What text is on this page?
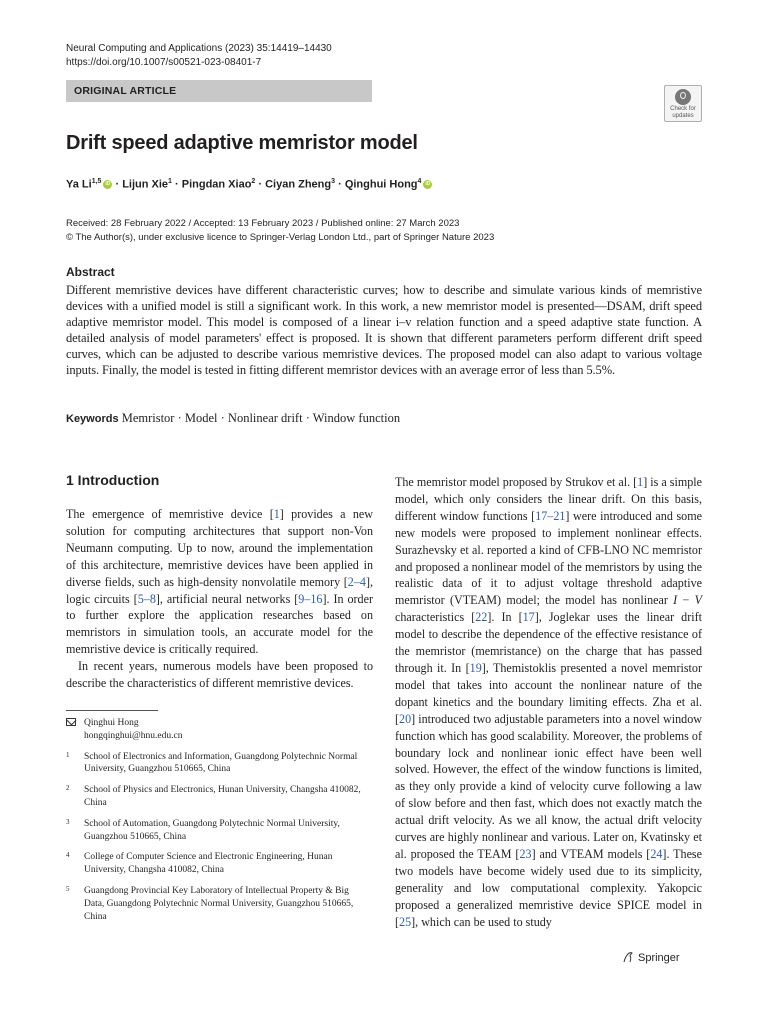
Neural Computing and Applications (2023) 35:14419–14430
https://doi.org/10.1007/s00521-023-08401-7
ORIGINAL ARTICLE
Check for updates
Drift speed adaptive memristor model
Ya Li$^{1,5}$ iD · Lijun Xie$^1$ · Pingdan Xiao$^2$ · Ciyan Zheng$^3$ · Qinghui Hong$^4$ iD
Received: 28 February 2022 / Accepted: 13 February 2023 / Published online: 27 March 2023
© The Author(s), under exclusive licence to Springer-Verlag London Ltd., part of Springer Nature 2023
Abstract
Different memristive devices have different characteristic curves; how to describe and simulate various kinds of memristive devices with a unified model is still a significant work. In this work, a new memristor model is presented—DSAM, drift speed adaptive memristor model. This model is composed of a linear i–v relation function and a speed adaptive state function. A detailed analysis of model parameters' effect is proposed. It is shown that different parameters perform different drift speed curves, which can be adjusted to describe various memristive devices. The proposed model can also adapt to various voltage inputs. Finally, the model is tested in fitting different memristor devices with an average error of less than 5.5%.
Keywords Memristor · Model · Nonlinear drift · Window function
1 Introduction

The emergence of memristive device [1] provides a new solution for computing architectures that support non-Von Neumann computing. Up to now, around the implementation of this architecture, memristive devices have been applied in diverse fields, such as high-density nonvolatile memory [2–4], logic circuits [5–8], artificial neural networks [9–16]. In order to further explore the application researches based on memristors in simulation tools, an accurate model for the memristive device is critically required.

In recent years, numerous models have been proposed to describe the characteristics of different memristive devices.

Qinghui Hong
hongqinghui@hnu.edu.cn
1 School of Electronics and Information, Guangdong Polytechnic Normal University, Guangzhou 510665, China
2 School of Physics and Electronics, Hunan University, Changsha 410082, China
3 School of Automation, Guangdong Polytechnic Normal University, Guangzhou 510665, China
4 College of Computer Science and Electronic Engineering, Hunan University, Changsha 410082, China
5 Guangdong Provincial Key Laboratory of Intellectual Property & Big Data, Guangdong Polytechnic Normal University, Guangzhou 510665, China
The memristor model proposed by Strukov et al. [1] is a simple model, which only considers the linear drift. On this basis, different window functions [17–21] were introduced and some new models were proposed to implement nonlinear effects. Surazhevsky et al. reported a kind of CFB-LNO NC memristor and proposed a nonlinear model of the memristors by using the realistic data of it to adjust voltage threshold adaptive memristor (VTEAM) model; the model has nonlinear I − V characteristics [22]. In [17], Joglekar uses the linear drift model to describe the dependence of the effective resistance of the memristor (memristance) on the charge that has passed through it. In [19], Themistoklis presented a novel memristor model that takes into account the nonlinear nature of the dopant kinetics and the boundary limiting effects. Zha et al. [20] introduced two adjustable parameters into a novel window function which has good scalability. Moreover, the problems of boundary lock and nonlinear ionic effect have been well solved. However, the effect of the window functions is limited, as they only provide a kind of velocity curve following a law of slow before and then fast, which does not exactly match the actual drift velocity. As we all know, the actual drift velocity curves are highly nonlinear and various. Later on, Kvatinsky et al. proposed the TEAM [23] and VTEAM models [24]. These two models have become widely used due to its simplicity, generality and low computational complexity. Yakopcic proposed a generalized memristive device SPICE model in [25], which can be used to study
Springer
